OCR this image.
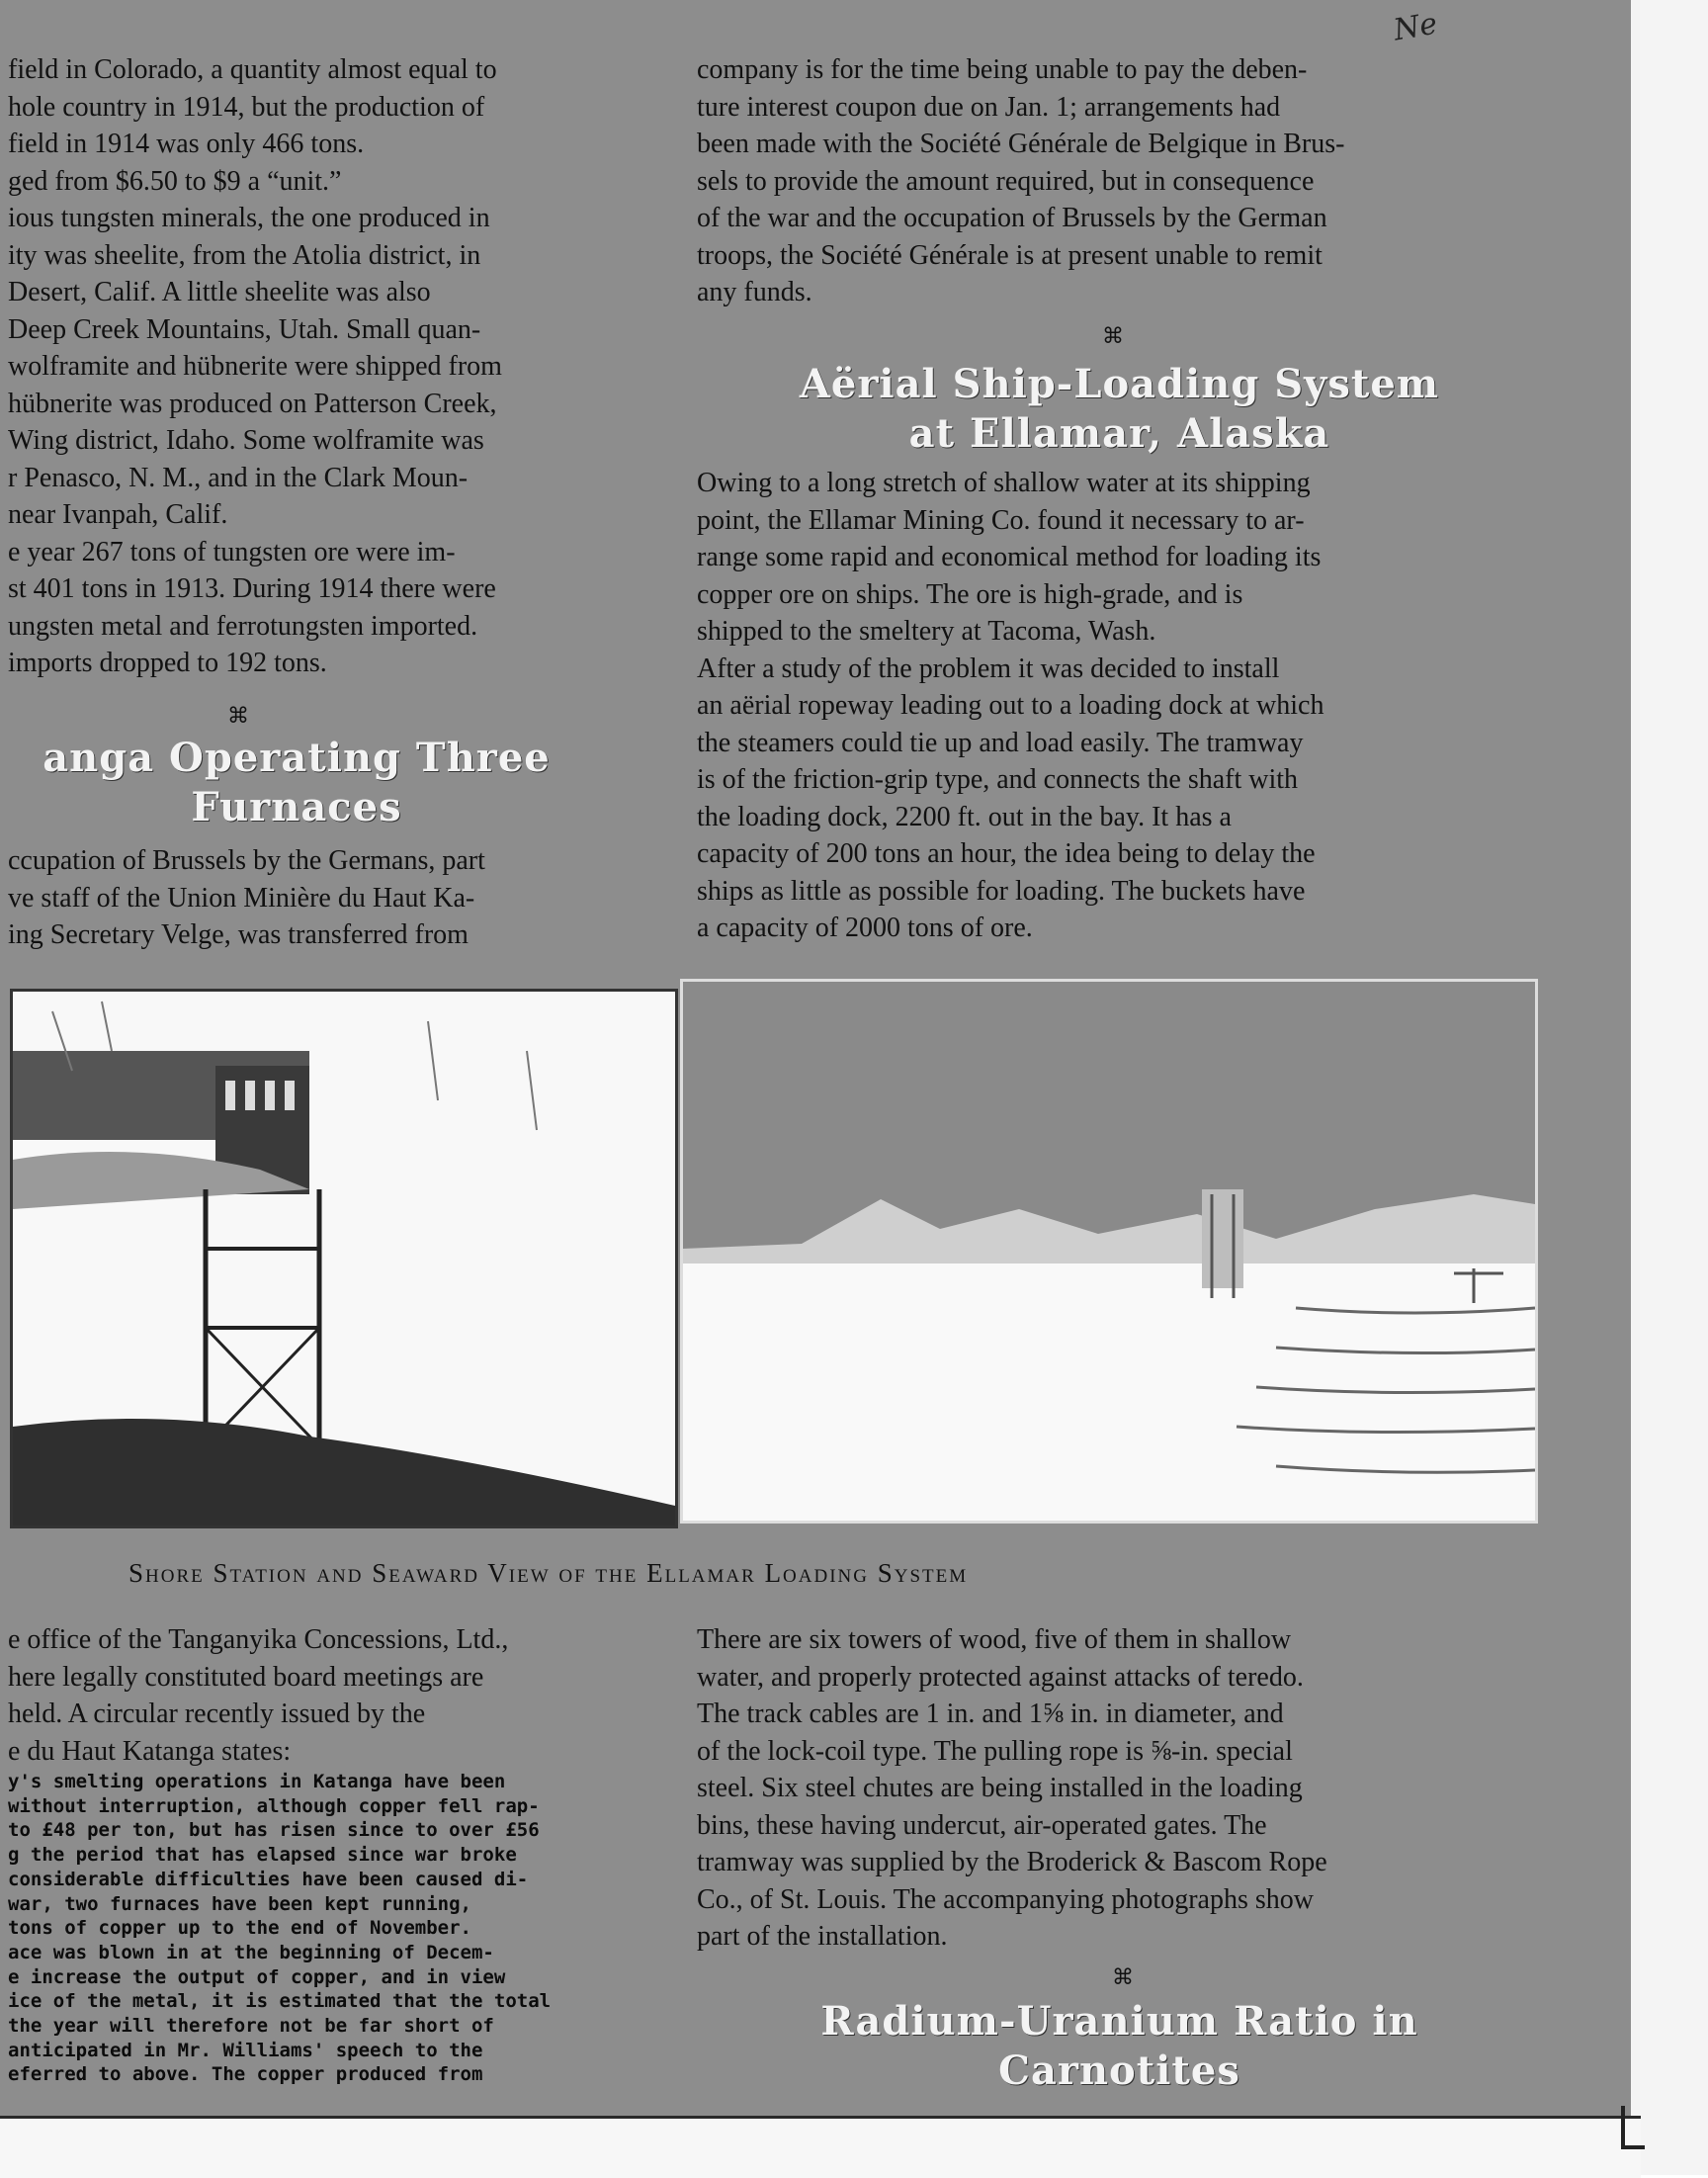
field in Colorado, a quantity almost equal to
hole country in 1914, but the production of
field in 1914 was only 466 tons.
ged from $6.50 to $9 a “unit.”
ious tungsten minerals, the one produced in
ity was sheelite, from the Atolia district, in
Desert, Calif. A little sheelite was also
Deep Creek Mountains, Utah. Small quan-
wolframite and hübnerite were shipped from
hübnerite was produced on Patterson Creek,
Wing district, Idaho. Some wolframite was
r Penasco, N. M., and in the Clark Moun-
near Ivanpah, Calif.
e year 267 tons of tungsten ore were im-
st 401 tons in 1913. During 1914 there were
ungsten metal and ferrotungsten imported.
imports dropped to 192 tons.
⌘
anga Operating Three
Furnaces
ccupation of Brussels by the Germans, part
ve staff of the Union Minière du Haut Ka-
ing Secretary Velge, was transferred from
company is for the time being unable to pay the deben-
ture interest coupon due on Jan. 1; arrangements had
been made with the Société Générale de Belgique in Brus-
sels to provide the amount required, but in consequence
of the war and the occupation of Brussels by the German
troops, the Société Générale is at present unable to remit
any funds.
⌘
Aërial Ship-Loading System
at Ellamar, Alaska
Owing to a long stretch of shallow water at its shipping
point, the Ellamar Mining Co. found it necessary to ar-
range some rapid and economical method for loading its
copper ore on ships. The ore is high-grade, and is
shipped to the smeltery at Tacoma, Wash.
After a study of the problem it was decided to install
an aërial ropeway leading out to a loading dock at which
the steamers could tie up and load easily. The tramway
is of the friction-grip type, and connects the shaft with
the loading dock, 2200 ft. out in the bay. It has a
capacity of 200 tons an hour, the idea being to delay the
ships as little as possible for loading. The buckets have
a capacity of 2000 tons of ore.
Shore Station and Seaward View of the Ellamar Loading System
e office of the Tanganyika Concessions, Ltd.,
here legally constituted board meetings are
held. A circular recently issued by the
e du Haut Katanga states:
y's smelting operations in Katanga have been
without interruption, although copper fell rap-
to £48 per ton, but has risen since to over £56
g the period that has elapsed since war broke
considerable difficulties have been caused di-
war, two furnaces have been kept running,
tons of copper up to the end of November.
ace was blown in at the beginning of Decem-
e increase the output of copper, and in view
ice of the metal, it is estimated that the total
the year will therefore not be far short of
anticipated in Mr. Williams' speech to the
eferred to above. The copper produced from
There are six towers of wood, five of them in shallow
water, and properly protected against attacks of teredo.
The track cables are 1 in. and 1⅝ in. in diameter, and
of the lock-coil type. The pulling rope is ⅝-in. special
steel. Six steel chutes are being installed in the loading
bins, these having undercut, air-operated gates. The
tramway was supplied by the Broderick & Bascom Rope
Co., of St. Louis. The accompanying photographs show
part of the installation.
⌘
Radium-Uranium Ratio in
Carnotites
Ne
